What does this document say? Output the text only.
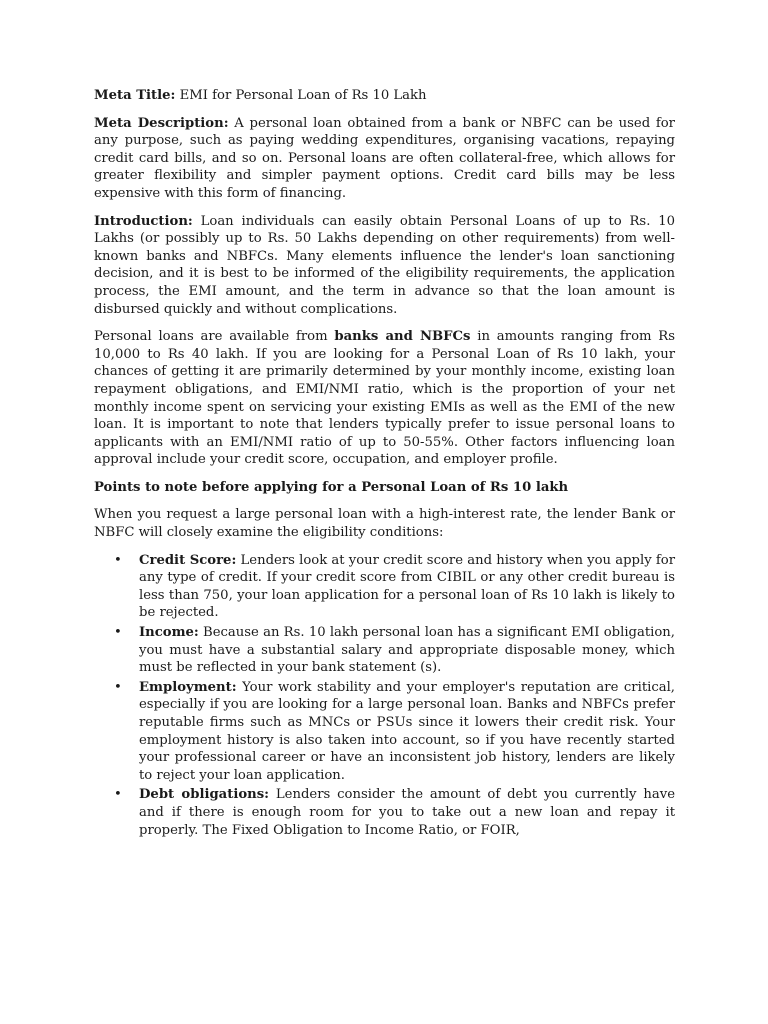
Meta Title: EMI for Personal Loan of Rs 10 Lakh

Meta Description: A personal loan obtained from a bank or NBFC can be used for any purpose, such as paying wedding expenditures, organising vacations, repaying credit card bills, and so on. Personal loans are often collateral-free, which allows for greater flexibility and simpler payment options. Credit card bills may be less expensive with this form of financing.

Introduction: Loan individuals can easily obtain Personal Loans of up to Rs. 10 Lakhs (or possibly up to Rs. 50 Lakhs depending on other requirements) from well-known banks and NBFCs. Many elements influence the lender's loan sanctioning decision, and it is best to be informed of the eligibility requirements, the application process, the EMI amount, and the term in advance so that the loan amount is disbursed quickly and without complications.

Personal loans are available from banks and NBFCs in amounts ranging from Rs 10,000 to Rs 40 lakh. If you are looking for a Personal Loan of Rs 10 lakh, your chances of getting it are primarily determined by your monthly income, existing loan repayment obligations, and EMI/NMI ratio, which is the proportion of your net monthly income spent on servicing your existing EMIs as well as the EMI of the new loan. It is important to note that lenders typically prefer to issue personal loans to applicants with an EMI/NMI ratio of up to 50-55%. Other factors influencing loan approval include your credit score, occupation, and employer profile.

Points to note before applying for a Personal Loan of Rs 10 lakh

When you request a large personal loan with a high-interest rate, the lender Bank or NBFC will closely examine the eligibility conditions:

• Credit Score: Lenders look at your credit score and history when you apply for any type of credit. If your credit score from CIBIL or any other credit bureau is less than 750, your loan application for a personal loan of Rs 10 lakh is likely to be rejected.
• Income: Because an Rs. 10 lakh personal loan has a significant EMI obligation, you must have a substantial salary and appropriate disposable money, which must be reflected in your bank statement (s).
• Employment: Your work stability and your employer's reputation are critical, especially if you are looking for a large personal loan. Banks and NBFCs prefer reputable firms such as MNCs or PSUs since it lowers their credit risk. Your employment history is also taken into account, so if you have recently started your professional career or have an inconsistent job history, lenders are likely to reject your loan application.
• Debt obligations: Lenders consider the amount of debt you currently have and if there is enough room for you to take out a new loan and repay it properly. The Fixed Obligation to Income Ratio, or FOIR,
